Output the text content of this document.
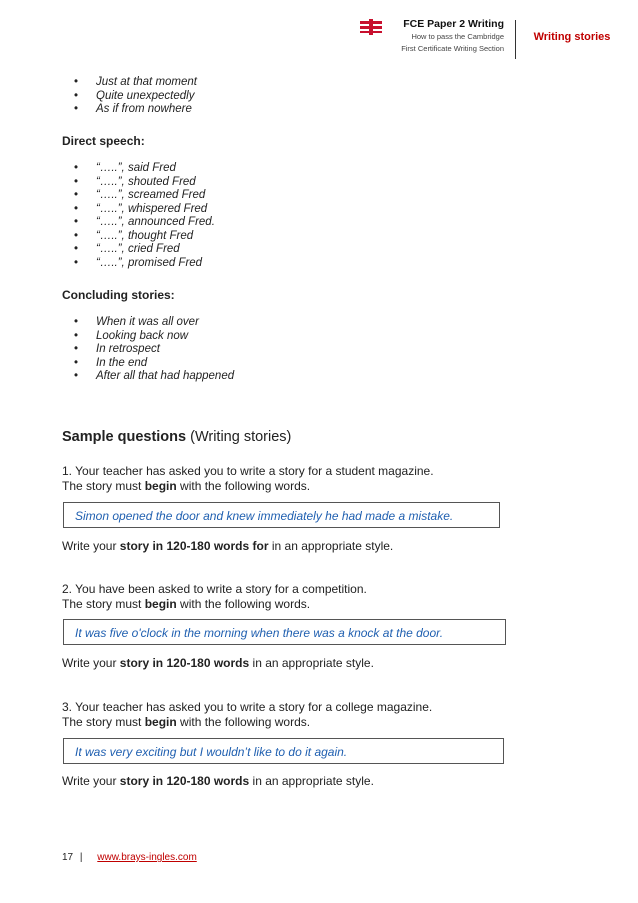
FCE Paper 2 Writing
How to pass the Cambridge
First Certificate Writing Section
Writing stories
• Just at that moment
• Quite unexpectedly
• As if from nowhere
Direct speech:
• “…..”, said Fred
• “…..”, shouted Fred
• “…..”, screamed Fred
• “…..”, whispered Fred
• “…..”, announced Fred.
• “…..”, thought Fred
• “…..”, cried Fred
• “…..”, promised Fred
Concluding stories:
• When it was all over
• Looking back now
• In retrospect
• In the end
• After all that had happened
Sample questions (Writing stories)
1. Your teacher has asked you to write a story for a student magazine.
The story must begin with the following words.
Simon opened the door and knew immediately he had made a mistake.
Write your story in 120-180 words for in an appropriate style.
2. You have been asked to write a story for a competition.
The story must begin with the following words.
It was five o'clock in the morning when there was a knock at the door.
Write your story in 120-180 words in an appropriate style.
3. Your teacher has asked you to write a story for a college magazine.
The story must begin with the following words.
It was very exciting but I wouldn’t like to do it again.
Write your story in 120-180 words in an appropriate style.
17 | www.brays-ingles.com
